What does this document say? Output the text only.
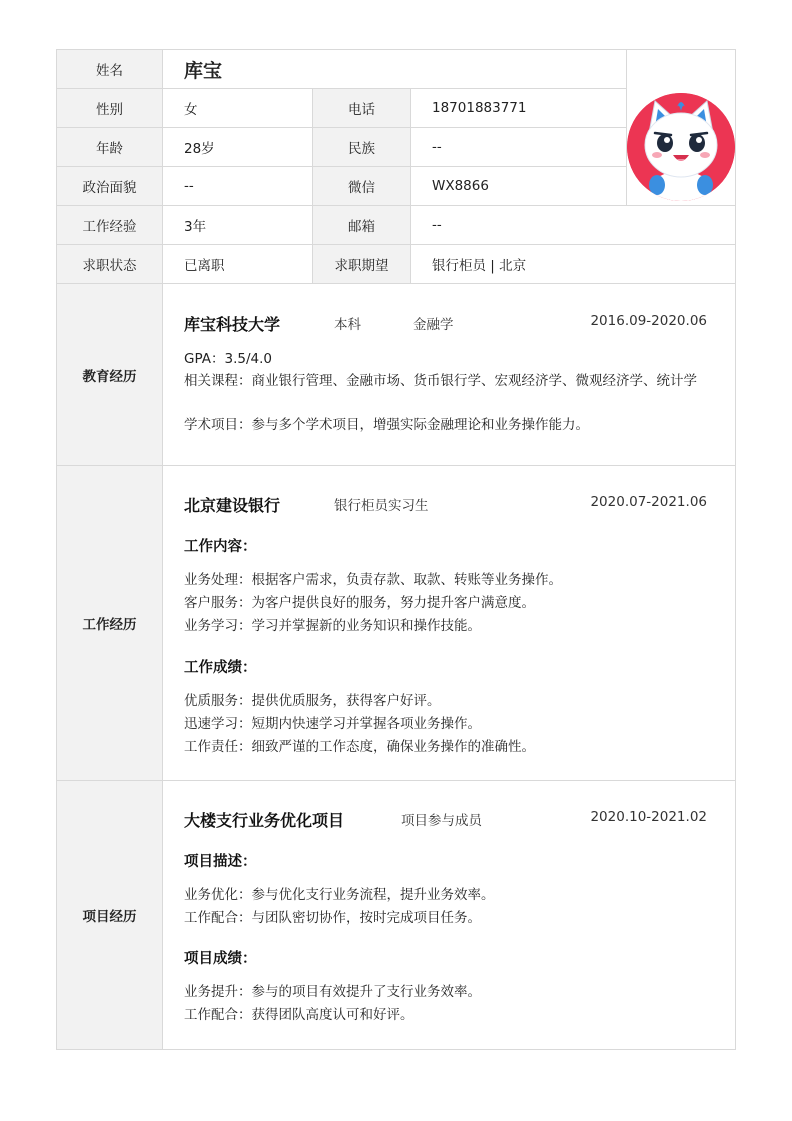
姓名	库宝
性别	女	电话	18701883771
年龄	28岁	民族	--
政治面貌	--	微信	WX8866
工作经验	3年	邮箱	--
求职状态	已离职	求职期望	银行柜员 | 北京
教育经历
库宝科技大学	本科	金融学	2016.09-2020.06
GPA：3.5/4.0
相关课程：商业银行管理、金融市场、货币银行学、宏观经济学、微观经济学、统计学
学术项目：参与多个学术项目，增强实际金融理论和业务操作能力。
工作经历
北京建设银行	银行柜员实习生	2020.07-2021.06
工作内容：
业务处理：根据客户需求，负责存款、取款、转账等业务操作。
客户服务：为客户提供良好的服务，努力提升客户满意度。
业务学习：学习并掌握新的业务知识和操作技能。
工作成绩：
优质服务：提供优质服务，获得客户好评。
迅速学习：短期内快速学习并掌握各项业务操作。
工作责任：细致严谨的工作态度，确保业务操作的准确性。
项目经历
大楼支行业务优化项目	项目参与成员	2020.10-2021.02
项目描述：
业务优化：参与优化支行业务流程，提升业务效率。
工作配合：与团队密切协作，按时完成项目任务。
项目成绩：
业务提升：参与的项目有效提升了支行业务效率。
工作配合：获得团队高度认可和好评。
